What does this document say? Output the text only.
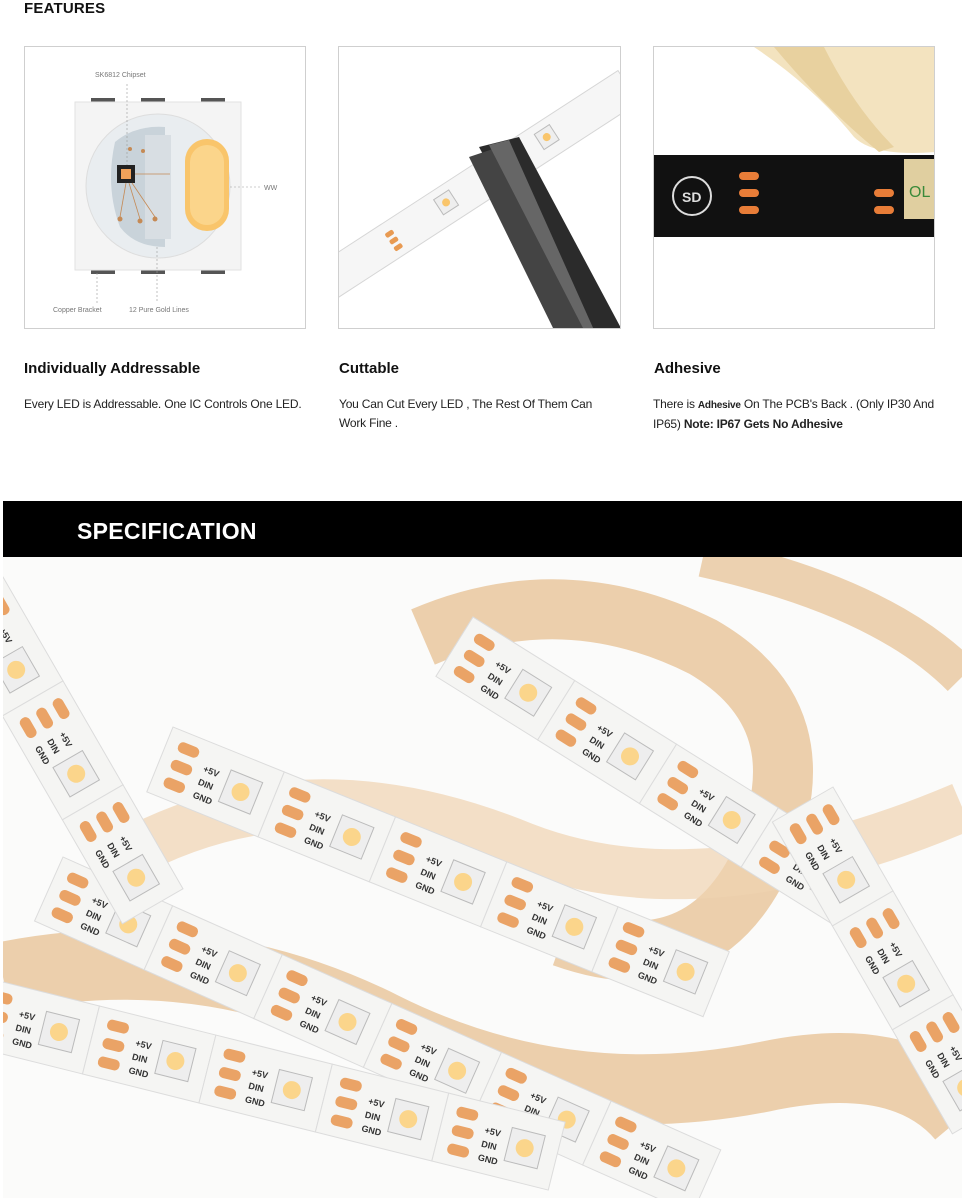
FEATURES
SK6812 Chipset
WW
Copper Bracket	12 Pure Gold Lines
SD	OL
Individually Addressable
Every LED is Addressable. One IC Controls One LED.
Cuttable
You Can Cut Every LED , The Rest Of Them Can Work Fine .
Adhesive
There is Adhesive On The PCB's Back . (Only IP30 And IP65) Note: IP67 Gets No Adhesive
SPECIFICATION
